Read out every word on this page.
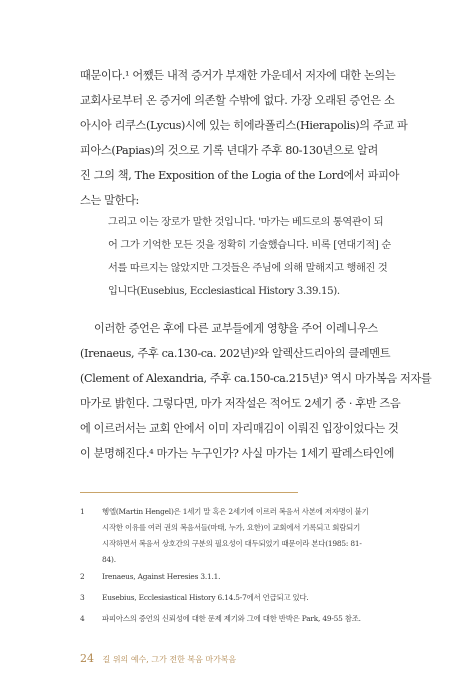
때문이다.¹ 어쨌든 내적 증거가 부재한 가운데서 저자에 대한 논의는
교회사로부터 온 증거에 의존할 수밖에 없다. 가장 오래된 증언은 소
아시아 리쿠스(Lycus)시에 있는 히에라폴리스(Hierapolis)의 주교 파
피아스(Papias)의 것으로 기록 년대가 주후 80-130년으로 알려
진 그의 책, The Exposition of the Logia of the Lord에서 파피아
스는 말한다:
그리고 이는 장로가 말한 것입니다. '마가는 베드로의 통역관이 되
어 그가 기억한 모든 것을 정확히 기술했습니다. 비록 [연대기적] 순
서를 따르지는 않았지만 그것들은 주님에 의해 말해지고 행해진 것
입니다(Eusebius, Ecclesiastical History 3.39.15).
이러한 증언은 후에 다른 교부들에게 영향을 주어 이레니우스
(Irenaeus, 주후 ca.130-ca. 202년)²와 알렉산드리아의 클레멘트
(Clement of Alexandria, 주후 ca.150-ca.215년)³ 역시 마가복음 저자를
마가로 밝힌다. 그렇다면, 마가 저작설은 적어도 2세기 중 · 후반 즈음
에 이르러서는 교회 안에서 이미 자리매김이 이뤄진 입장이었다는 것
이 분명해진다.⁴ 마가는 누구인가? 사실 마가는 1세기 팔레스타인에
1	헹엘(Martin Hengel)은 1세기 말 혹은 2세기에 이르러 복음서 사본에 저자명이 붙기
시작한 이유를 여러 권의 복음서들(마태, 누가, 요한)이 교회에서 기록되고 회람되기
시작하면서 복음서 상호간의 구분의 필요성이 대두되었기 때문이라 본다(1985: 81-
84).
2	Irenaeus, Against Heresies 3.1.1.
3	Eusebius, Ecclesiastical History 6.14.5-7에서 언급되고 있다.
4	파피아스의 증언의 신뢰성에 대한 문제 제기와 그에 대한 반박은 Park, 49-55 참조.
24 길 위의 예수, 그가 전한 복음 마가복음
